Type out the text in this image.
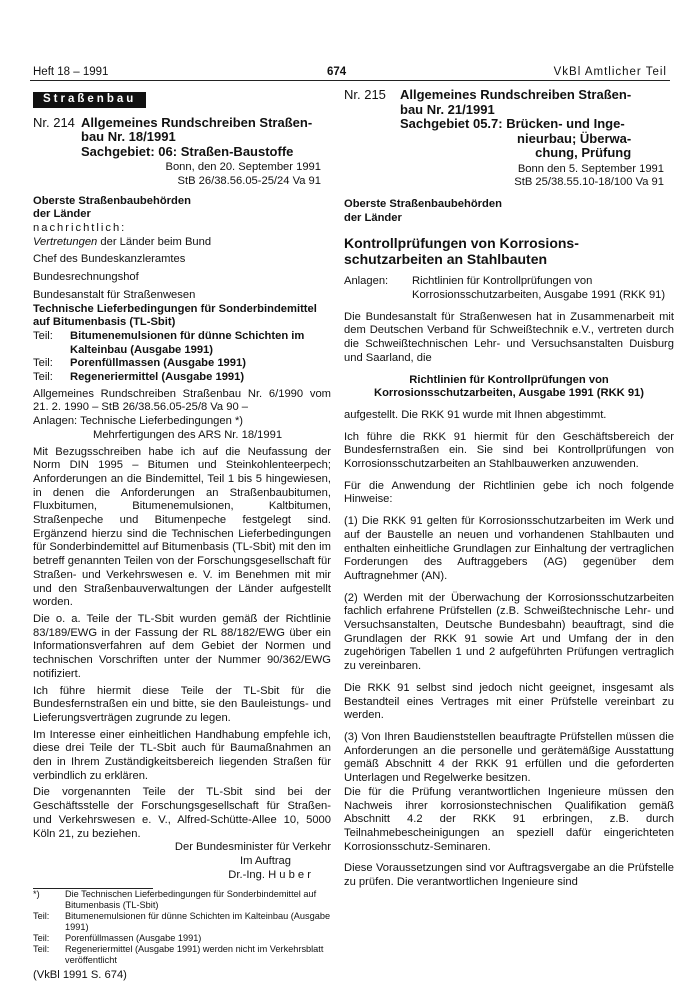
Heft 18 – 1991	674	VkBl Amtlicher Teil
Straßenbau
Nr. 214 Allgemeines Rundschreiben Straßen-
bau Nr. 18/1991
Sachgebiet: 06: Straßen-Baustoffe
Bonn, den 20. September 1991
StB 26/38.56.05-25/24 Va 91
Oberste Straßenbaubehörden
der Länder
nachrichtlich:
Vertretungen der Länder beim Bund
Chef des Bundeskanzleramtes
Bundesrechnungshof
Bundesanstalt für Straßenwesen
Technische Lieferbedingungen für Sonderbindemittel auf Bitumenbasis (TL-Sbit)
Teil:	Bitumenemulsionen für dünne Schichten im Kalteinbau (Ausgabe 1991)
Teil:	Porenfüllmassen (Ausgabe 1991)
Teil:	Regeneriermittel (Ausgabe 1991)
Allgemeines Rundschreiben Straßenbau Nr. 6/1990 vom 21. 2. 1990 – StB 26/38.56.05-25/8 Va 90 –
Anlagen: Technische Lieferbedingungen *)
Mehrfertigungen des ARS Nr. 18/1991
Mit Bezugsschreiben habe ich auf die Neufassung der Norm DIN 1995 – Bitumen und Steinkohlenteerpech; Anforderungen an die Bindemittel, Teil 1 bis 5 hingewiesen, in denen die Anforderungen an Straßenbaubitumen, Fluxbitumen, Bitumenemulsionen, Kaltbitumen, Straßenpeche und Bitumenpeche festgelegt sind. Ergänzend hierzu sind die Technischen Lieferbedingungen für Sonderbindemittel auf Bitumenbasis (TL-Sbit) mit den im betreff genannten Teilen von der Forschungsgesellschaft für Straßen- und Verkehrswesen e. V. im Benehmen mit mir und den Straßenbauverwaltungen der Länder aufgestellt worden.
Die o. a. Teile der TL-Sbit wurden gemäß der Richtlinie 83/189/EWG in der Fassung der RL 88/182/EWG über ein Informationsverfahren auf dem Gebiet der Normen und technischen Vorschriften unter der Nummer 90/362/EWG notifiziert.
Ich führe hiermit diese Teile der TL-Sbit für die Bundesfernstraßen ein und bitte, sie den Bauleistungs- und Lieferungsverträgen zugrunde zu legen.
Im Interesse einer einheitlichen Handhabung empfehle ich, diese drei Teile der TL-Sbit auch für Baumaßnahmen an den in Ihrem Zuständigkeitsbereich liegenden Straßen für verbindlich zu erklären.
Die vorgenannten Teile der TL-Sbit sind bei der Geschäftsstelle der Forschungsgesellschaft für Straßen- und Verkehrswesen e. V., Alfred-Schütte-Allee 10, 5000 Köln 21, zu beziehen.
Der Bundesminister für Verkehr
Im Auftrag
Dr.-Ing. H u b e r
*)	Die Technischen Lieferbedingungen für Sonderbindemittel auf Bitumenbasis (TL-Sbit)
Teil:	Bitumenemulsionen für dünne Schichten im Kalteinbau (Ausgabe 1991)
Teil:	Porenfüllmassen (Ausgabe 1991)
Teil:	Regeneriermittel (Ausgabe 1991) werden nicht im Verkehrsblatt veröffentlicht
(VkBl 1991 S. 674)
Nr. 215	Allgemeines Rundschreiben Straßen-
bau Nr. 21/1991
Sachgebiet 05.7: Brücken- und Inge-
nieurbau; Überwa-
chung, Prüfung
Bonn den 5. September 1991
StB 25/38.55.10-18/100 Va 91
Oberste Straßenbaubehörden
der Länder
Kontrollprüfungen von Korrosions-schutzarbeiten an Stahlbauten
Anlagen:	Richtlinien für Kontrollprüfungen von Korrosionsschutzarbeiten, Ausgabe 1991 (RKK 91)
Die Bundesanstalt für Straßenwesen hat in Zusammenarbeit mit dem Deutschen Verband für Schweißtechnik e.V., vertreten durch die Schweißtechnischen Lehr- und Versuchsanstalten Duisburg und Saarland, die
Richtlinien für Kontrollprüfungen von Korrosionsschutzarbeiten, Ausgabe 1991 (RKK 91)
aufgestellt. Die RKK 91 wurde mit Ihnen abgestimmt.
Ich führe die RKK 91 hiermit für den Geschäftsbereich der Bundesfernstraßen ein. Sie sind bei Kontrollprüfungen von Korrosionsschutzarbeiten an Stahlbauwerken anzuwenden.
Für die Anwendung der Richtlinien gebe ich noch folgende Hinweise:
(1) Die RKK 91 gelten für Korrosionsschutzarbeiten im Werk und auf der Baustelle an neuen und vorhandenen Stahlbauten und enthalten einheitliche Grundlagen zur Einhaltung der vertraglichen Forderungen des Auftraggebers (AG) gegenüber dem Auftragnehmer (AN).
(2) Werden mit der Überwachung der Korrosionsschutzarbeiten fachlich erfahrene Prüfstellen (z.B. Schweißtechnische Lehr- und Versuchsanstalten, Deutsche Bundesbahn) beauftragt, sind die Grundlagen der RKK 91 sowie Art und Umfang der in den zugehörigen Tabellen 1 und 2 aufgeführten Prüfungen vertraglich zu vereinbaren.
Die RKK 91 selbst sind jedoch nicht geeignet, insgesamt als Bestandteil eines Vertrages mit einer Prüfstelle vereinbart zu werden.
(3) Von Ihren Baudienststellen beauftragte Prüfstellen müssen die Anforderungen an die personelle und gerätemäßige Ausstattung gemäß Abschnitt 4 der RKK 91 erfüllen und die geforderten Unterlagen und Regelwerke besitzen.
Die für die Prüfung verantwortlichen Ingenieure müssen den Nachweis ihrer korrosionstechnischen Qualifikation gemäß Abschnitt 4.2 der RKK 91 erbringen, z.B. durch Teilnahmebescheinigungen an speziell dafür eingerichteten Korrosionsschutz-Seminaren.
Diese Voraussetzungen sind vor Auftragsvergabe an die Prüfstelle zu prüfen. Die verantwortlichen Ingenieure sind
